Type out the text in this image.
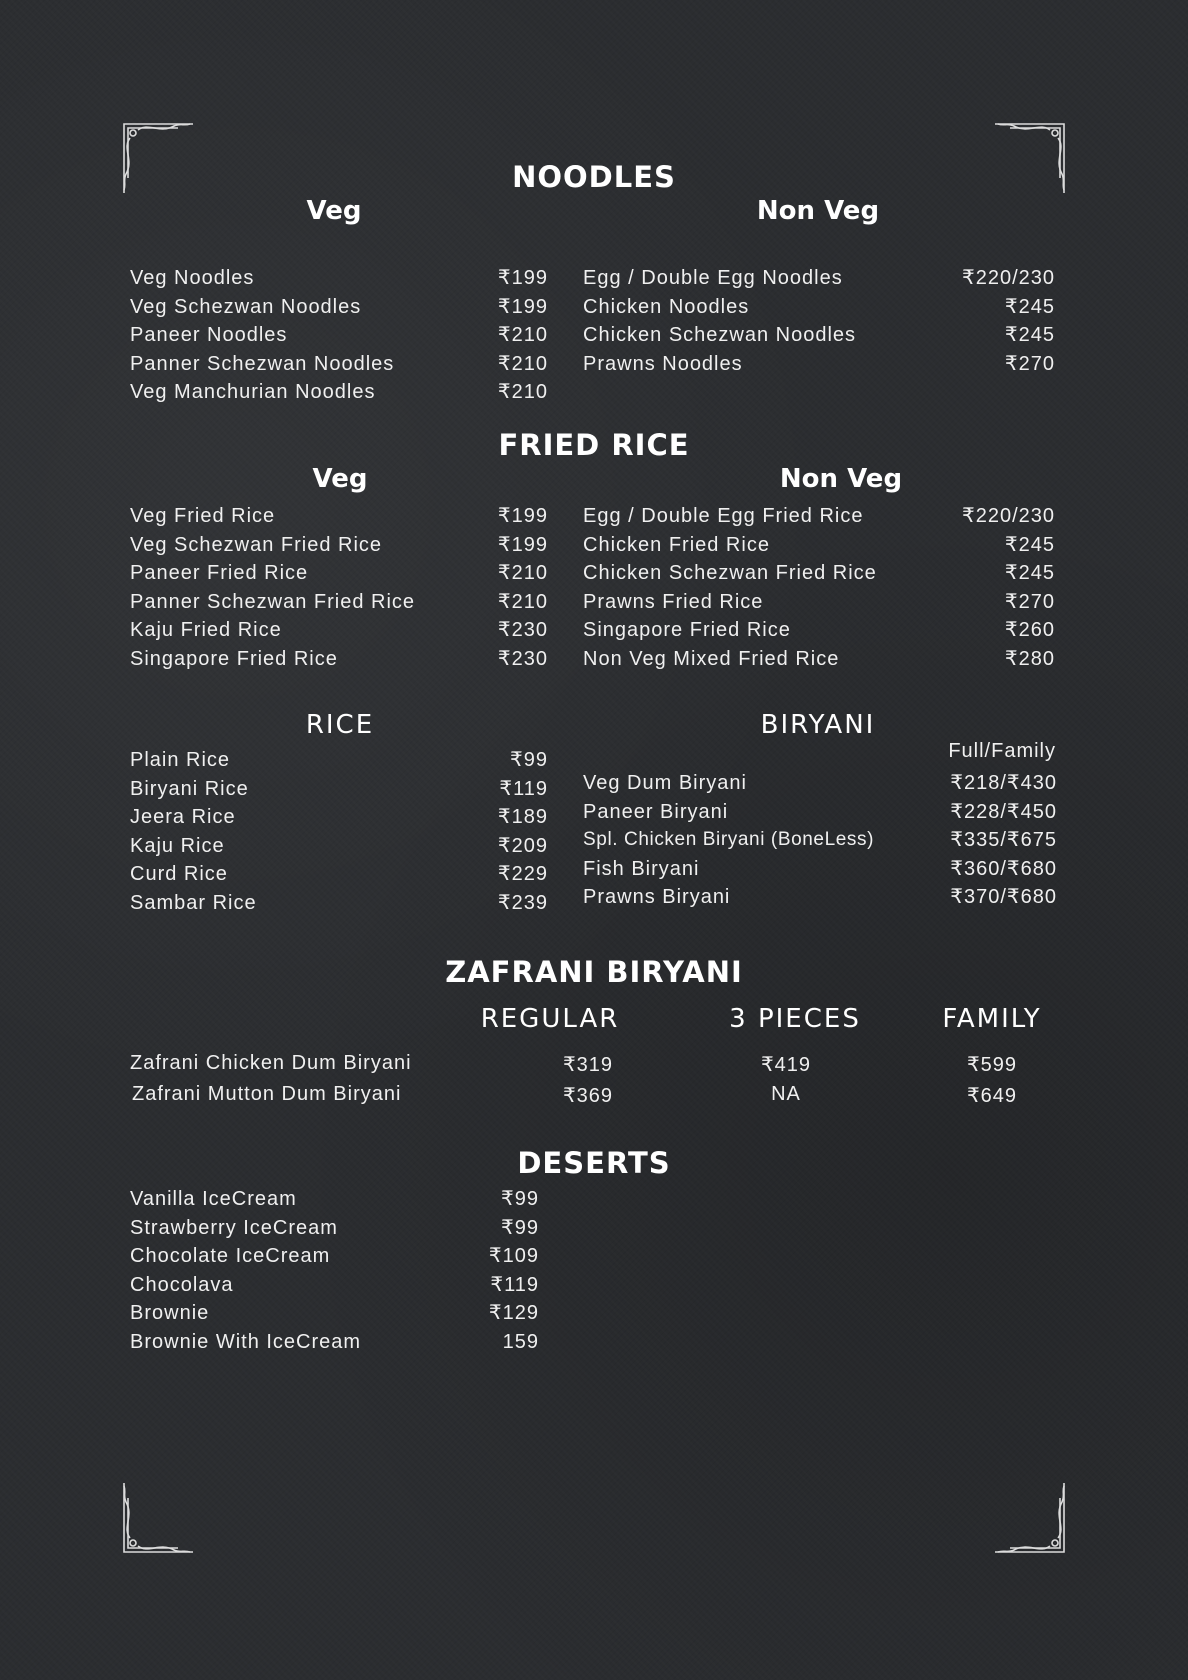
NOODLES
Veg	Non Veg
Veg Noodles	₹199
Veg Schezwan Noodles	₹199
Paneer Noodles	₹210
Panner Schezwan Noodles	₹210
Veg Manchurian Noodles	₹210
Egg / Double Egg Noodles	₹220/230
Chicken Noodles	₹245
Chicken Schezwan Noodles	₹245
Prawns Noodles	₹270
FRIED RICE
Veg	Non Veg
Veg Fried Rice	₹199
Veg Schezwan Fried Rice	₹199
Paneer Fried Rice	₹210
Panner Schezwan Fried Rice	₹210
Kaju Fried Rice	₹230
Singapore Fried Rice	₹230
Egg / Double Egg Fried Rice	₹220/230
Chicken Fried Rice	₹245
Chicken Schezwan Fried Rice	₹245
Prawns Fried Rice	₹270
Singapore Fried Rice	₹260
Non Veg Mixed Fried Rice	₹280
RICE
Plain Rice	₹99
Biryani Rice	₹119
Jeera Rice	₹189
Kaju Rice	₹209
Curd Rice	₹229
Sambar Rice	₹239
BIRYANI
Full/Family
Veg Dum Biryani	₹218/₹430
Paneer Biryani	₹228/₹450
Spl. Chicken Biryani (BoneLess)	₹335/₹675
Fish Biryani	₹360/₹680
Prawns Biryani	₹370/₹680
ZAFRANI BIRYANI
REGULAR	3 PIECES	FAMILY
Zafrani Chicken Dum Biryani	₹319	₹419	₹599
Zafrani Mutton Dum Biryani	₹369	NA	₹649
DESERTS
Vanilla IceCream	₹99
Strawberry IceCream	₹99
Chocolate IceCream	₹109
Chocolava	₹119
Brownie	₹129
Brownie With IceCream	159
